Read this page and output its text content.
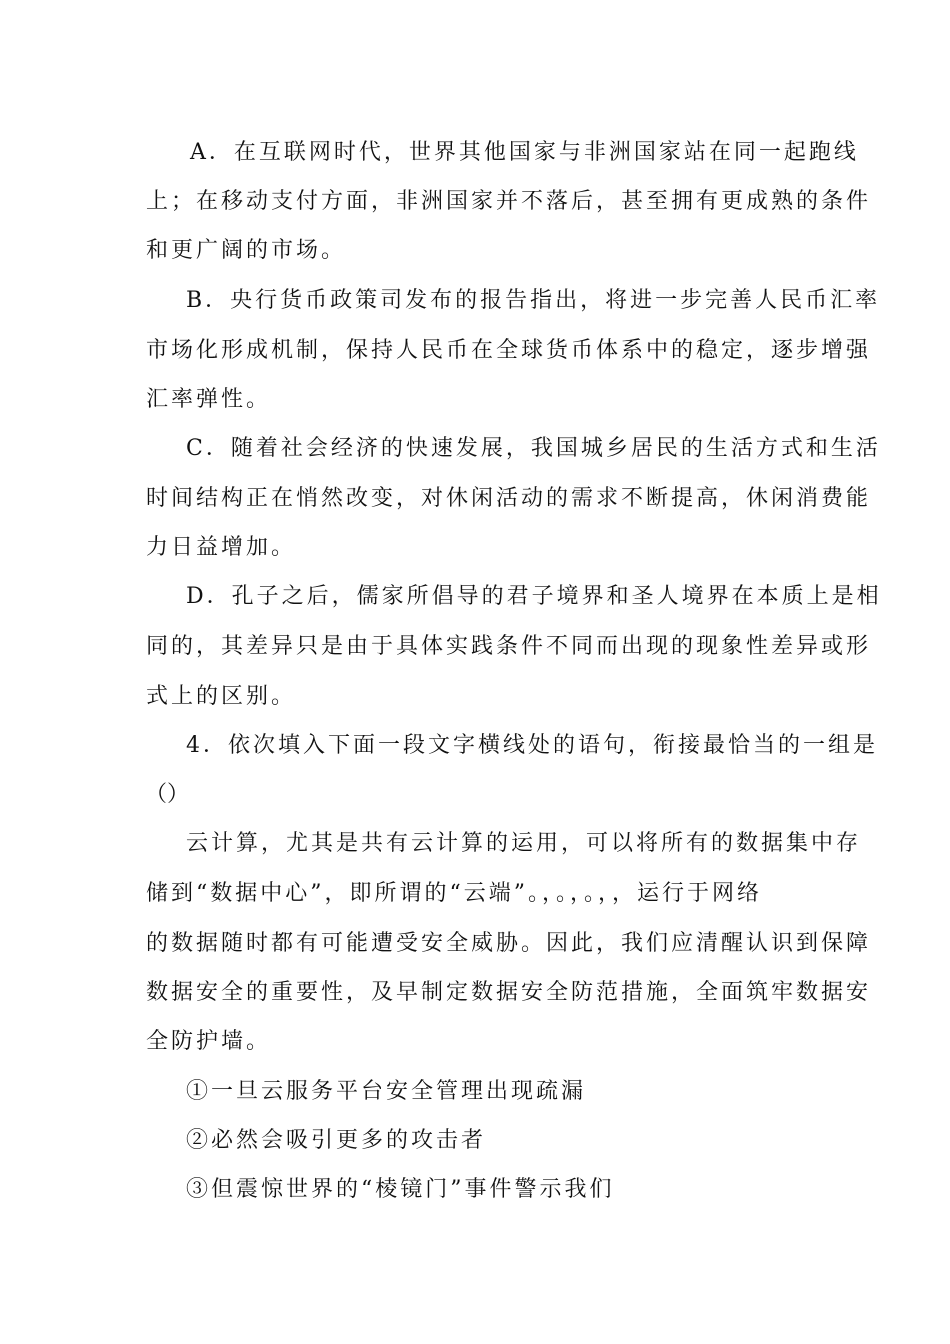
A．在互联网时代，世界其他国家与非洲国家站在同一起跑线
上；在移动支付方面，非洲国家并不落后，甚至拥有更成熟的条件
和更广阔的市场。
B．央行货币政策司发布的报告指出，将进一步完善人民币汇率
市场化形成机制，保持人民币在全球货币体系中的稳定，逐步增强
汇率弹性。
C．随着社会经济的快速发展，我国城乡居民的生活方式和生活
时间结构正在悄然改变，对休闲活动的需求不断提高，休闲消费能
力日益增加。
D．孔子之后，儒家所倡导的君子境界和圣人境界在本质上是相
同的，其差异只是由于具体实践条件不同而出现的现象性差异或形
式上的区别。
4．依次填入下面一段文字横线处的语句，衔接最恰当的一组是
（）
云计算，尤其是共有云计算的运用，可以将所有的数据集中存
储到“数据中心”，即所谓的“云端”。，。，。，，运行于网络
的数据随时都有可能遭受安全威胁。因此，我们应清醒认识到保障
数据安全的重要性，及早制定数据安全防范措施，全面筑牢数据安
全防护墙。
①一旦云服务平台安全管理出现疏漏
②必然会吸引更多的攻击者
③但震惊世界的“棱镜门”事件警示我们
